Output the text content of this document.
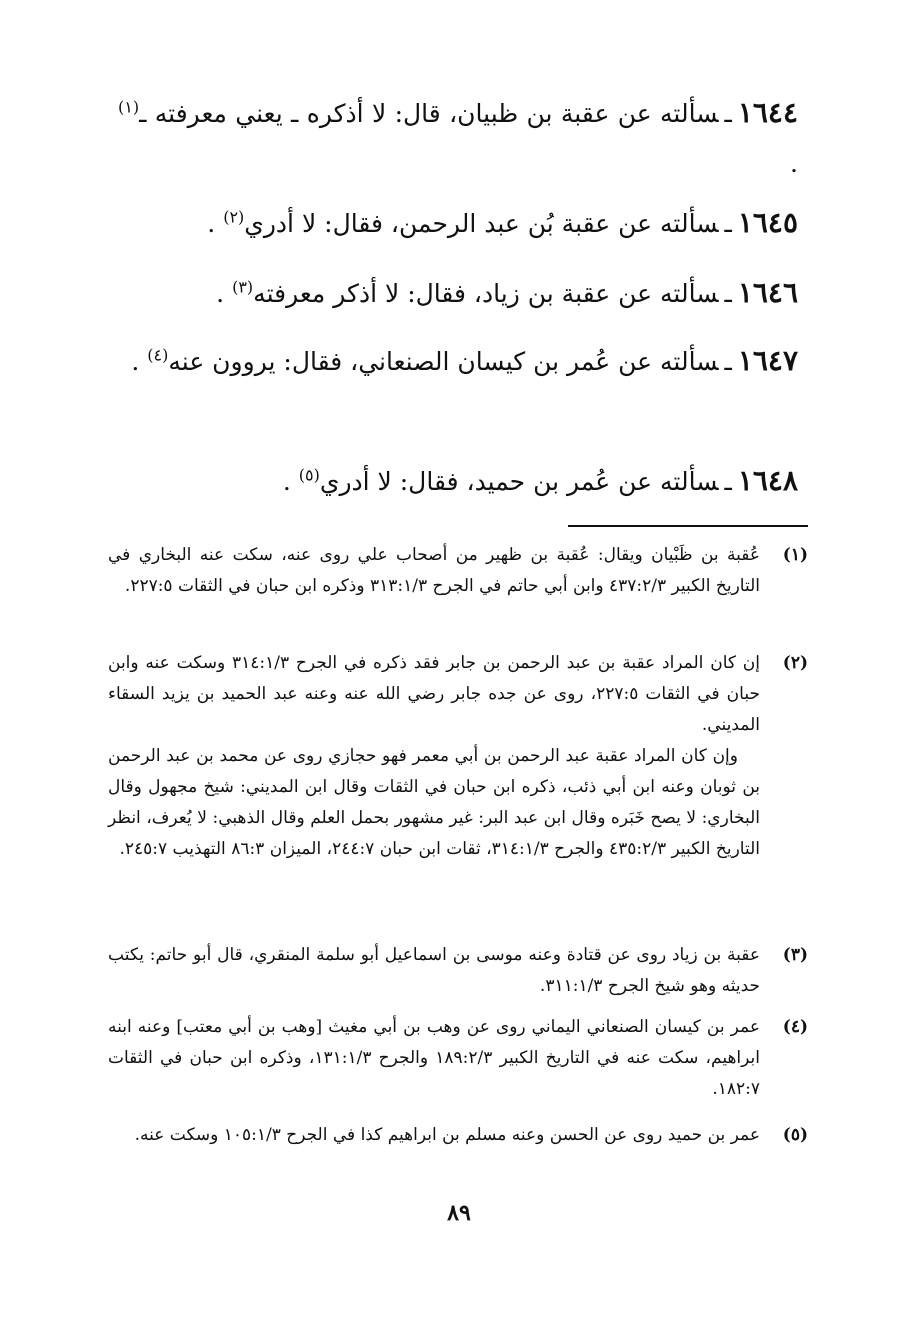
١٦٤٤ـسألته عن عقبة بن ظبيان، قال: لا أذكره ـ يعني معرفته ـ$^{(١)}$ .
١٦٤٥ـسألته عن عقبة بُن عبد الرحمن، فقال: لا أدري$^{(٢)}$ .
١٦٤٦ـسألته عن عقبة بن زياد، فقال: لا أذكر معرفته$^{(٣)}$ .
١٦٤٧ـسألته عن عُمر بن كيسان الصنعاني، فقال: يروون عنه$^{(٤)}$ .
١٦٤٨ـسألته عن عُمر بن حميد، فقال: لا أدري$^{(٥)}$ .
(١)
عُقبة بن ظَبْيان ويقال: عُقبة بن ظهير من أصحاب علي روى عنه، سكت عنه البخاري في التاريخ الكبير ٤٣٧:٢/٣ وابن أبي حاتم في الجرح ٣١٣:١/٣ وذكره ابن حبان في الثقات ٢٢٧:٥.
(٢)
إن كان المراد عقبة بن عبد الرحمن بن جابر فقد ذكره في الجرح ٣١٤:١/٣ وسكت عنه وابن حبان في الثقات ٢٢٧:٥، روى عن جده جابر رضي الله عنه وعنه عبد الحميد بن يزيد السقاء المديني.
وإن كان المراد عقبة عبد الرحمن بن أبي معمر فهو حجازي روى عن محمد بن عبد الرحمن بن ثوبان وعنه ابن أبي ذئب، ذكره ابن حبان في الثقات وقال ابن المديني: شيخ مجهول وقال البخاري: لا يصح خَبَره وقال ابن عبد البر: غير مشهور بحمل العلم وقال الذهبي: لا يُعرف، انظر التاريخ الكبير ٤٣٥:٢/٣ والجرح ٣١٤:١/٣، ثقات ابن حبان ٢٤٤:٧، الميزان ٨٦:٣ التهذيب ٢٤٥:٧.
(٣)
عقبة بن زياد روى عن قتادة وعنه موسى بن اسماعيل أبو سلمة المنقري، قال أبو حاتم: يكتب حديثه وهو شيخ الجرح ٣١١:١/٣.
(٤)
عمر بن كيسان الصنعاني اليماني روى عن وهب بن أبي مغيث [وهب بن أبي معتب] وعنه ابنه ابراهيم، سكت عنه في التاريخ الكبير ١٨٩:٢/٣ والجرح ١٣١:١/٣، وذكره ابن حبان في الثقات ١٨٢:٧.
(٥)
عمر بن حميد روى عن الحسن وعنه مسلم بن ابراهيم كذا في الجرح ١٠٥:١/٣ وسكت عنه.
٨٩
